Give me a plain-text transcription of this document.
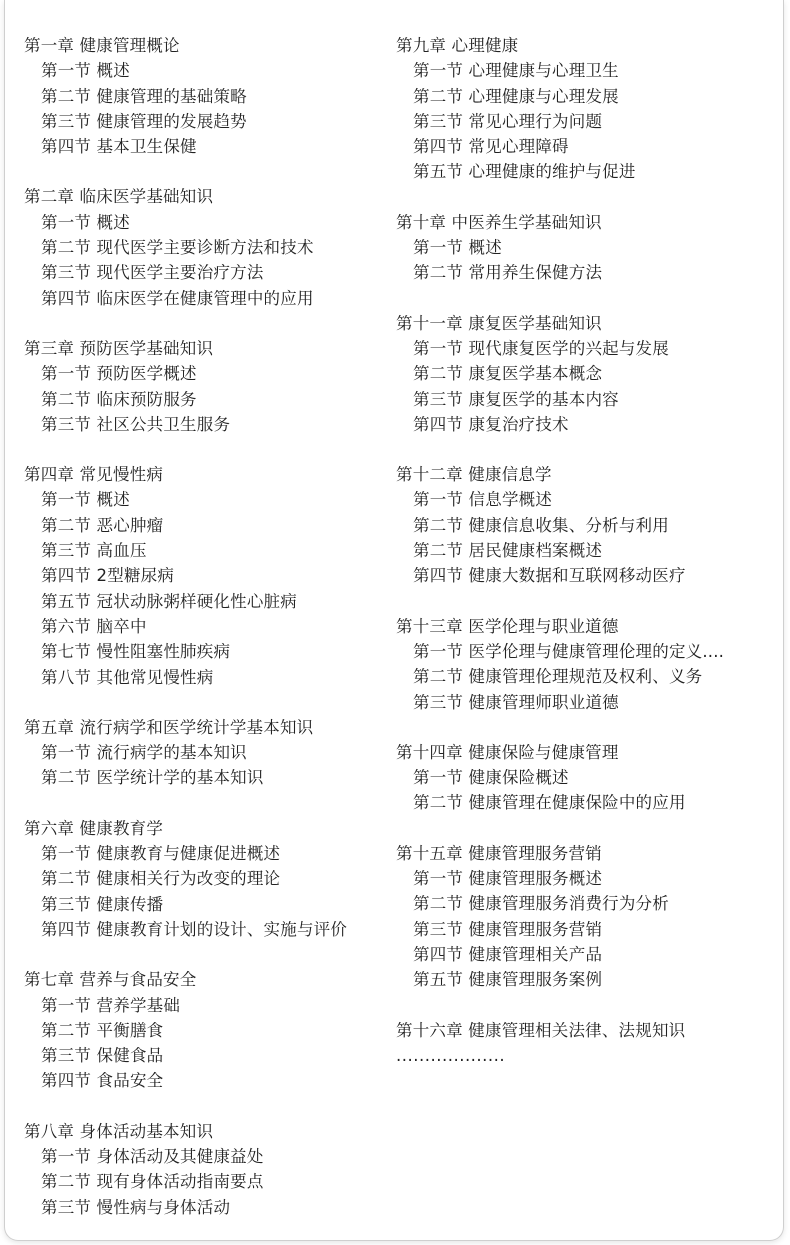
第一章 健康管理概论
第一节 概述
第二节 健康管理的基础策略
第三节 健康管理的发展趋势
第四节 基本卫生保健
第二章 临床医学基础知识
第一节 概述
第二节 现代医学主要诊断方法和技术
第三节 现代医学主要治疗方法
第四节 临床医学在健康管理中的应用
第三章 预防医学基础知识
第一节 预防医学概述
第二节 临床预防服务
第三节 社区公共卫生服务
第四章 常见慢性病
第一节 概述
第二节 恶心肿瘤
第三节 高血压
第四节 2型糖尿病
第五节 冠状动脉粥样硬化性心脏病
第六节 脑卒中
第七节 慢性阻塞性肺疾病
第八节 其他常见慢性病
第五章 流行病学和医学统计学基本知识
第一节 流行病学的基本知识
第二节 医学统计学的基本知识
第六章 健康教育学
第一节 健康教育与健康促进概述
第二节 健康相关行为改变的理论
第三节 健康传播
第四节 健康教育计划的设计、实施与评价
第七章 营养与食品安全
第一节 营养学基础
第二节 平衡膳食
第三节 保健食品
第四节 食品安全
第八章 身体活动基本知识
第一节 身体活动及其健康益处
第二节 现有身体活动指南要点
第三节 慢性病与身体活动
第九章 心理健康
第一节 心理健康与心理卫生
第二节 心理健康与心理发展
第三节 常见心理行为问题
第四节 常见心理障碍
第五节 心理健康的维护与促进
第十章 中医养生学基础知识
第一节 概述
第二节 常用养生保健方法
第十一章 康复医学基础知识
第一节 现代康复医学的兴起与发展
第二节 康复医学基本概念
第三节 康复医学的基本内容
第四节 康复治疗技术
第十二章 健康信息学
第一节 信息学概述
第二节 健康信息收集、分析与利用
第二节 居民健康档案概述
第四节 健康大数据和互联网移动医疗
第十三章 医学伦理与职业道德
第一节 医学伦理与健康管理伦理的定义....
第二节 健康管理伦理规范及权利、义务
第三节 健康管理师职业道德
第十四章 健康保险与健康管理
第一节 健康保险概述
第二节 健康管理在健康保险中的应用
第十五章 健康管理服务营销
第一节 健康管理服务概述
第二节 健康管理服务消费行为分析
第三节 健康管理服务营销
第四节 健康管理相关产品
第五节 健康管理服务案例
第十六章 健康管理相关法律、法规知识
...................
